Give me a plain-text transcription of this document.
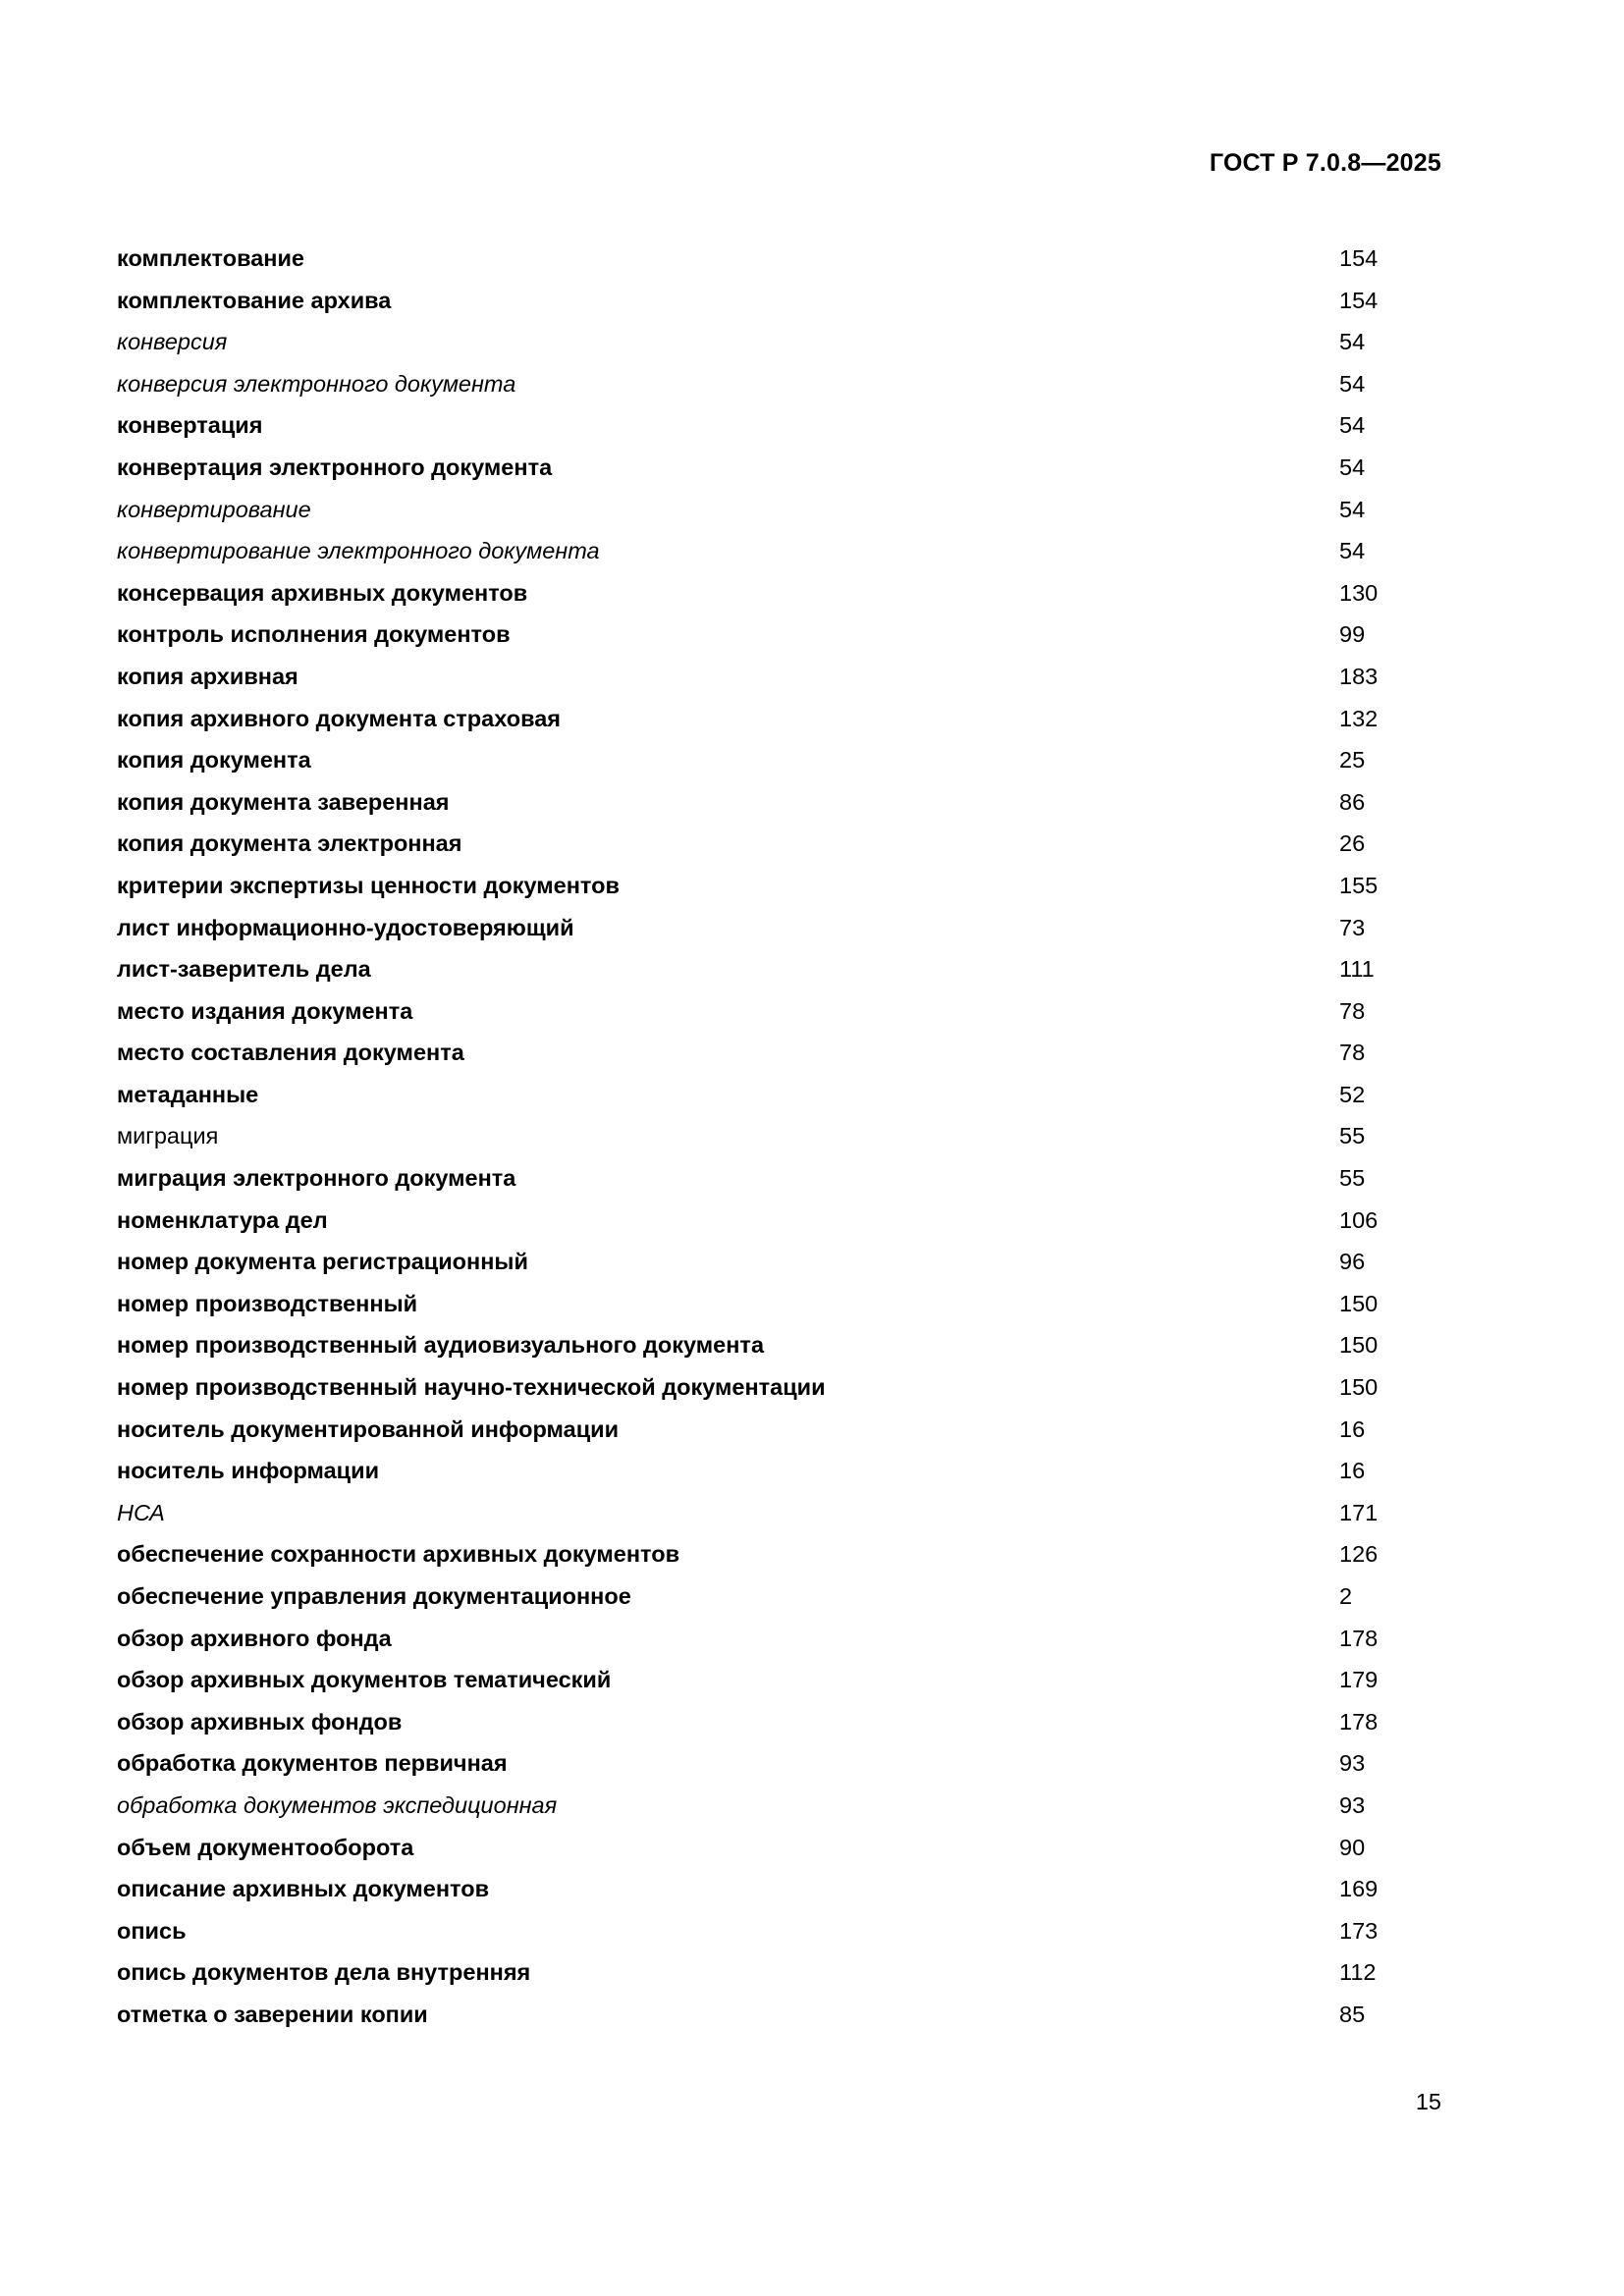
ГОСТ Р 7.0.8—2025
комплектование	154
комплектование архива	154
конверсия	54
конверсия электронного документа	54
конвертация	54
конвертация электронного документа	54
конвертирование	54
конвертирование электронного документа	54
консервация архивных документов	130
контроль исполнения документов	99
копия архивная	183
копия архивного документа страховая	132
копия документа	25
копия документа заверенная	86
копия документа электронная	26
критерии экспертизы ценности документов	155
лист информационно-удостоверяющий	73
лист-заверитель дела	111
место издания документа	78
место составления документа	78
метаданные	52
миграция	55
миграция электронного документа	55
номенклатура дел	106
номер документа регистрационный	96
номер производственный	150
номер производственный аудиовизуального документа	150
номер производственный научно-технической документации	150
носитель документированной информации	16
носитель информации	16
НСА	171
обеспечение сохранности архивных документов	126
обеспечение управления документационное	2
обзор архивного фонда	178
обзор архивных документов тематический	179
обзор архивных фондов	178
обработка документов первичная	93
обработка документов экспедиционная	93
объем документооборота	90
описание архивных документов	169
опись	173
опись документов дела внутренняя	112
отметка о заверении копии	85
15
